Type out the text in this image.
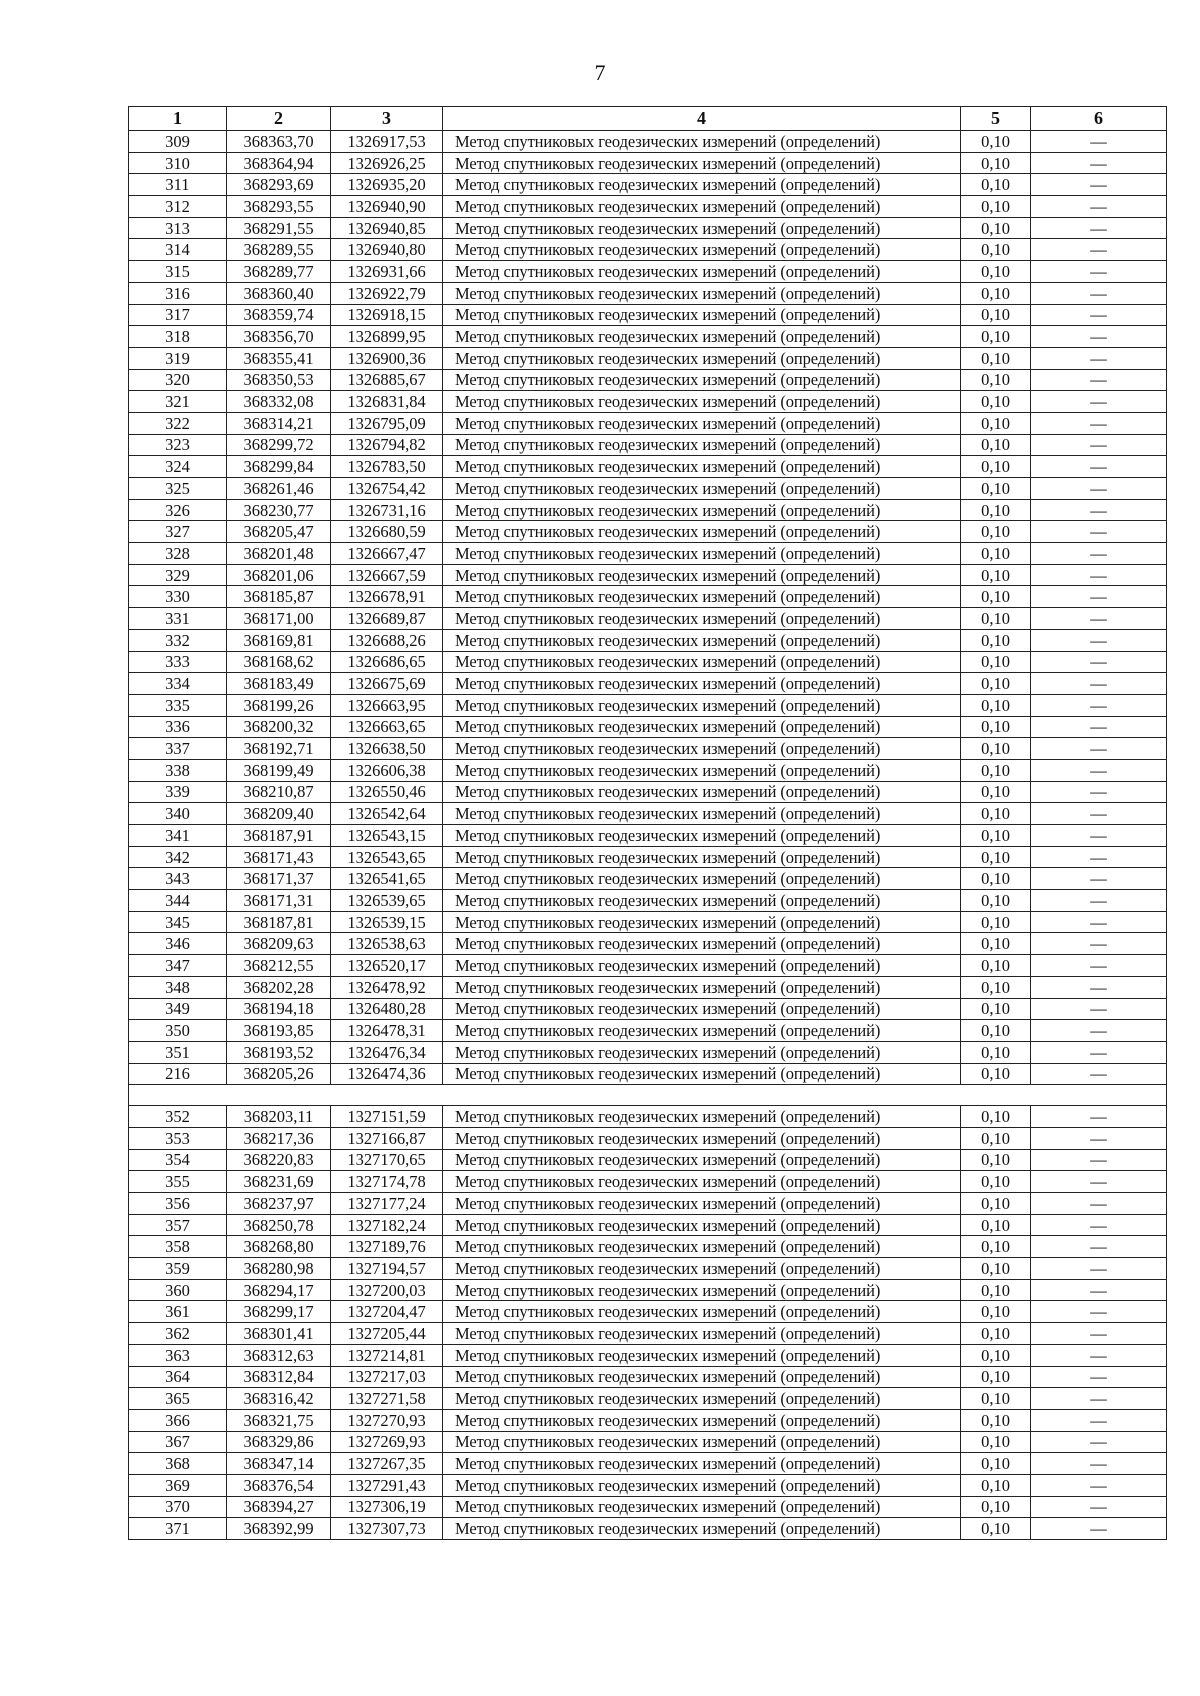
7
1	2	3	4	5	6
309	368363,70	1326917,53	Метод спутниковых геодезических измерений (определений)	0,10	—
310	368364,94	1326926,25	Метод спутниковых геодезических измерений (определений)	0,10	—
311	368293,69	1326935,20	Метод спутниковых геодезических измерений (определений)	0,10	—
312	368293,55	1326940,90	Метод спутниковых геодезических измерений (определений)	0,10	—
313	368291,55	1326940,85	Метод спутниковых геодезических измерений (определений)	0,10	—
314	368289,55	1326940,80	Метод спутниковых геодезических измерений (определений)	0,10	—
315	368289,77	1326931,66	Метод спутниковых геодезических измерений (определений)	0,10	—
316	368360,40	1326922,79	Метод спутниковых геодезических измерений (определений)	0,10	—
317	368359,74	1326918,15	Метод спутниковых геодезических измерений (определений)	0,10	—
318	368356,70	1326899,95	Метод спутниковых геодезических измерений (определений)	0,10	—
319	368355,41	1326900,36	Метод спутниковых геодезических измерений (определений)	0,10	—
320	368350,53	1326885,67	Метод спутниковых геодезических измерений (определений)	0,10	—
321	368332,08	1326831,84	Метод спутниковых геодезических измерений (определений)	0,10	—
322	368314,21	1326795,09	Метод спутниковых геодезических измерений (определений)	0,10	—
323	368299,72	1326794,82	Метод спутниковых геодезических измерений (определений)	0,10	—
324	368299,84	1326783,50	Метод спутниковых геодезических измерений (определений)	0,10	—
325	368261,46	1326754,42	Метод спутниковых геодезических измерений (определений)	0,10	—
326	368230,77	1326731,16	Метод спутниковых геодезических измерений (определений)	0,10	—
327	368205,47	1326680,59	Метод спутниковых геодезических измерений (определений)	0,10	—
328	368201,48	1326667,47	Метод спутниковых геодезических измерений (определений)	0,10	—
329	368201,06	1326667,59	Метод спутниковых геодезических измерений (определений)	0,10	—
330	368185,87	1326678,91	Метод спутниковых геодезических измерений (определений)	0,10	—
331	368171,00	1326689,87	Метод спутниковых геодезических измерений (определений)	0,10	—
332	368169,81	1326688,26	Метод спутниковых геодезических измерений (определений)	0,10	—
333	368168,62	1326686,65	Метод спутниковых геодезических измерений (определений)	0,10	—
334	368183,49	1326675,69	Метод спутниковых геодезических измерений (определений)	0,10	—
335	368199,26	1326663,95	Метод спутниковых геодезических измерений (определений)	0,10	—
336	368200,32	1326663,65	Метод спутниковых геодезических измерений (определений)	0,10	—
337	368192,71	1326638,50	Метод спутниковых геодезических измерений (определений)	0,10	—
338	368199,49	1326606,38	Метод спутниковых геодезических измерений (определений)	0,10	—
339	368210,87	1326550,46	Метод спутниковых геодезических измерений (определений)	0,10	—
340	368209,40	1326542,64	Метод спутниковых геодезических измерений (определений)	0,10	—
341	368187,91	1326543,15	Метод спутниковых геодезических измерений (определений)	0,10	—
342	368171,43	1326543,65	Метод спутниковых геодезических измерений (определений)	0,10	—
343	368171,37	1326541,65	Метод спутниковых геодезических измерений (определений)	0,10	—
344	368171,31	1326539,65	Метод спутниковых геодезических измерений (определений)	0,10	—
345	368187,81	1326539,15	Метод спутниковых геодезических измерений (определений)	0,10	—
346	368209,63	1326538,63	Метод спутниковых геодезических измерений (определений)	0,10	—
347	368212,55	1326520,17	Метод спутниковых геодезических измерений (определений)	0,10	—
348	368202,28	1326478,92	Метод спутниковых геодезических измерений (определений)	0,10	—
349	368194,18	1326480,28	Метод спутниковых геодезических измерений (определений)	0,10	—
350	368193,85	1326478,31	Метод спутниковых геодезических измерений (определений)	0,10	—
351	368193,52	1326476,34	Метод спутниковых геодезических измерений (определений)	0,10	—
216	368205,26	1326474,36	Метод спутниковых геодезических измерений (определений)	0,10	—

352	368203,11	1327151,59	Метод спутниковых геодезических измерений (определений)	0,10	—
353	368217,36	1327166,87	Метод спутниковых геодезических измерений (определений)	0,10	—
354	368220,83	1327170,65	Метод спутниковых геодезических измерений (определений)	0,10	—
355	368231,69	1327174,78	Метод спутниковых геодезических измерений (определений)	0,10	—
356	368237,97	1327177,24	Метод спутниковых геодезических измерений (определений)	0,10	—
357	368250,78	1327182,24	Метод спутниковых геодезических измерений (определений)	0,10	—
358	368268,80	1327189,76	Метод спутниковых геодезических измерений (определений)	0,10	—
359	368280,98	1327194,57	Метод спутниковых геодезических измерений (определений)	0,10	—
360	368294,17	1327200,03	Метод спутниковых геодезических измерений (определений)	0,10	—
361	368299,17	1327204,47	Метод спутниковых геодезических измерений (определений)	0,10	—
362	368301,41	1327205,44	Метод спутниковых геодезических измерений (определений)	0,10	—
363	368312,63	1327214,81	Метод спутниковых геодезических измерений (определений)	0,10	—
364	368312,84	1327217,03	Метод спутниковых геодезических измерений (определений)	0,10	—
365	368316,42	1327271,58	Метод спутниковых геодезических измерений (определений)	0,10	—
366	368321,75	1327270,93	Метод спутниковых геодезических измерений (определений)	0,10	—
367	368329,86	1327269,93	Метод спутниковых геодезических измерений (определений)	0,10	—
368	368347,14	1327267,35	Метод спутниковых геодезических измерений (определений)	0,10	—
369	368376,54	1327291,43	Метод спутниковых геодезических измерений (определений)	0,10	—
370	368394,27	1327306,19	Метод спутниковых геодезических измерений (определений)	0,10	—
371	368392,99	1327307,73	Метод спутниковых геодезических измерений (определений)	0,10	—
